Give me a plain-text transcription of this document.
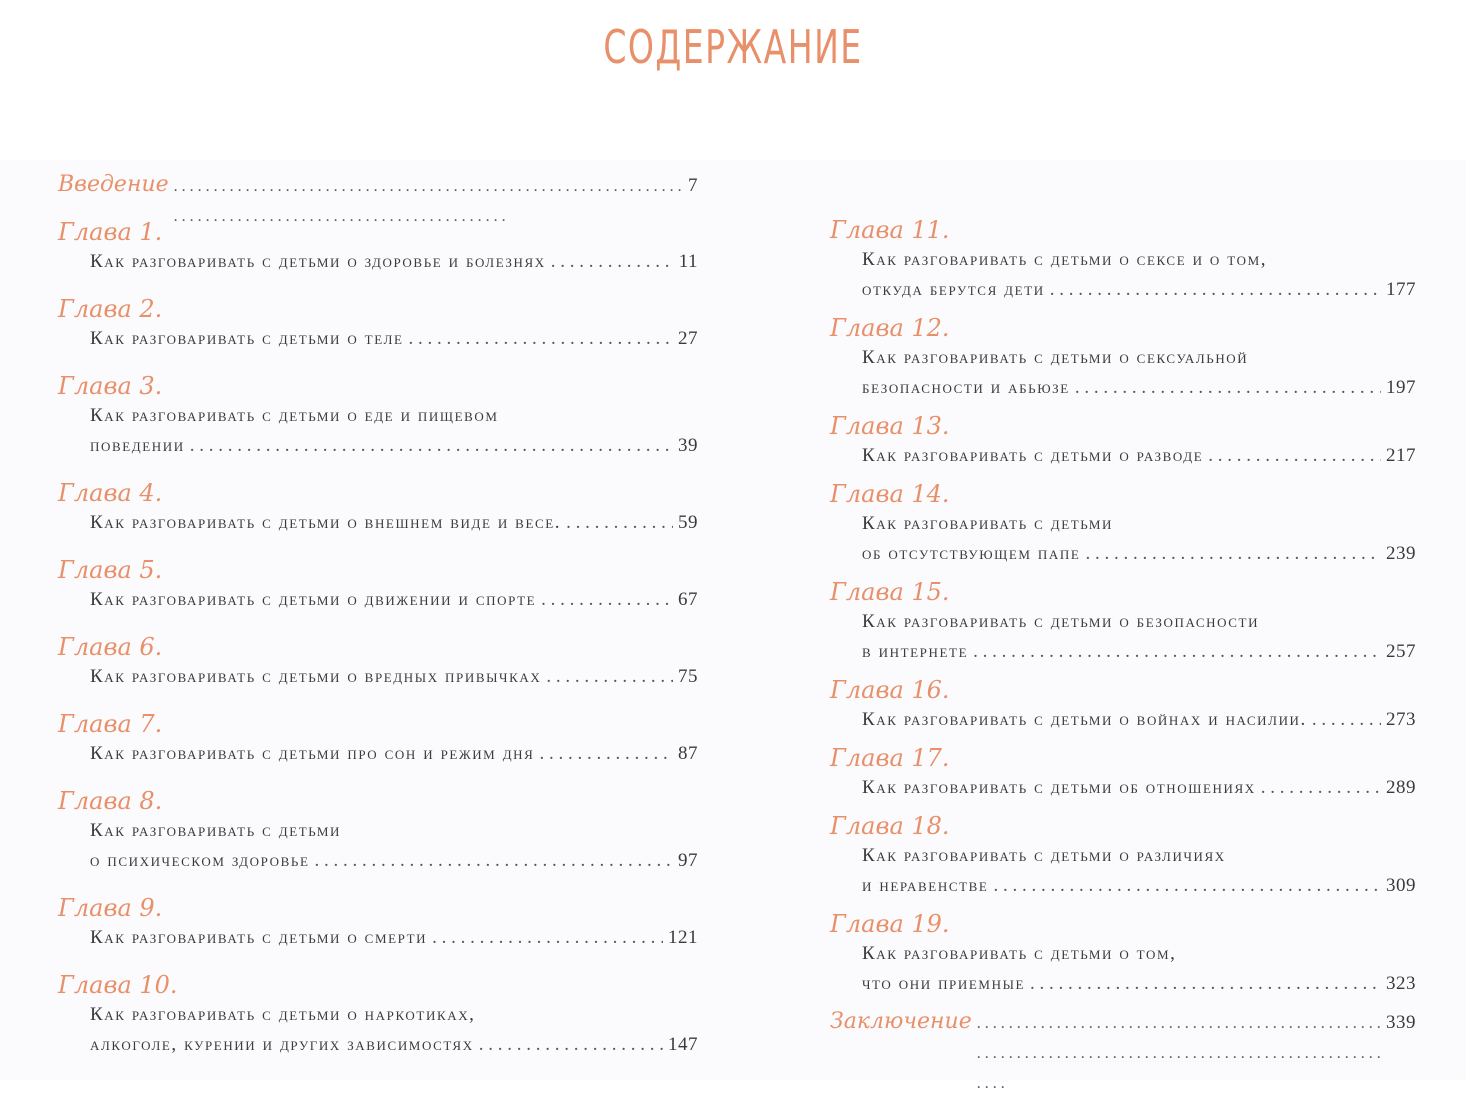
СОДЕРЖАНИЕ
Введение . . .	7
Глава 1.
Как разговаривать с детьми о здоровье и болезнях . . .	11
Глава 2.
Как разговаривать с детьми о теле . . .	27
Глава 3.
Как разговаривать с детьми о еде и пищевом
поведении . . .	39
Глава 4.
Как разговаривать с детьми о внешнем виде и весе. . . .	59
Глава 5.
Как разговаривать с детьми о движении и спорте . . .	67
Глава 6.
Как разговаривать с детьми о вредных привычках . . .	75
Глава 7.
Как разговаривать с детьми про сон и режим дня . . .	87
Глава 8.
Как разговаривать с детьми
о психическом здоровье . . .	97
Глава 9.
Как разговаривать с детьми о смерти . . .	121
Глава 10.
Как разговаривать с детьми о наркотиках,
алкоголе, курении и других зависимостях . . .	147
Глава 11.
Как разговаривать с детьми о сексе и о том,
откуда берутся дети . . .	177
Глава 12.
Как разговаривать с детьми о сексуальной
безопасности и абьюзе . . .	197
Глава 13.
Как разговаривать с детьми о разводе . . .	217
Глава 14.
Как разговаривать с детьми
об отсутствующем папе . . .	239
Глава 15.
Как разговаривать с детьми о безопасности
в интернете . . .	257
Глава 16.
Как разговаривать с детьми о войнах и насилии. . . .	273
Глава 17.
Как разговаривать с детьми об отношениях . . .	289
Глава 18.
Как разговаривать с детьми о различиях
и неравенстве . . .	309
Глава 19.
Как разговаривать с детьми о том,
что они приемные . . .	323
Заключение . . .	339
